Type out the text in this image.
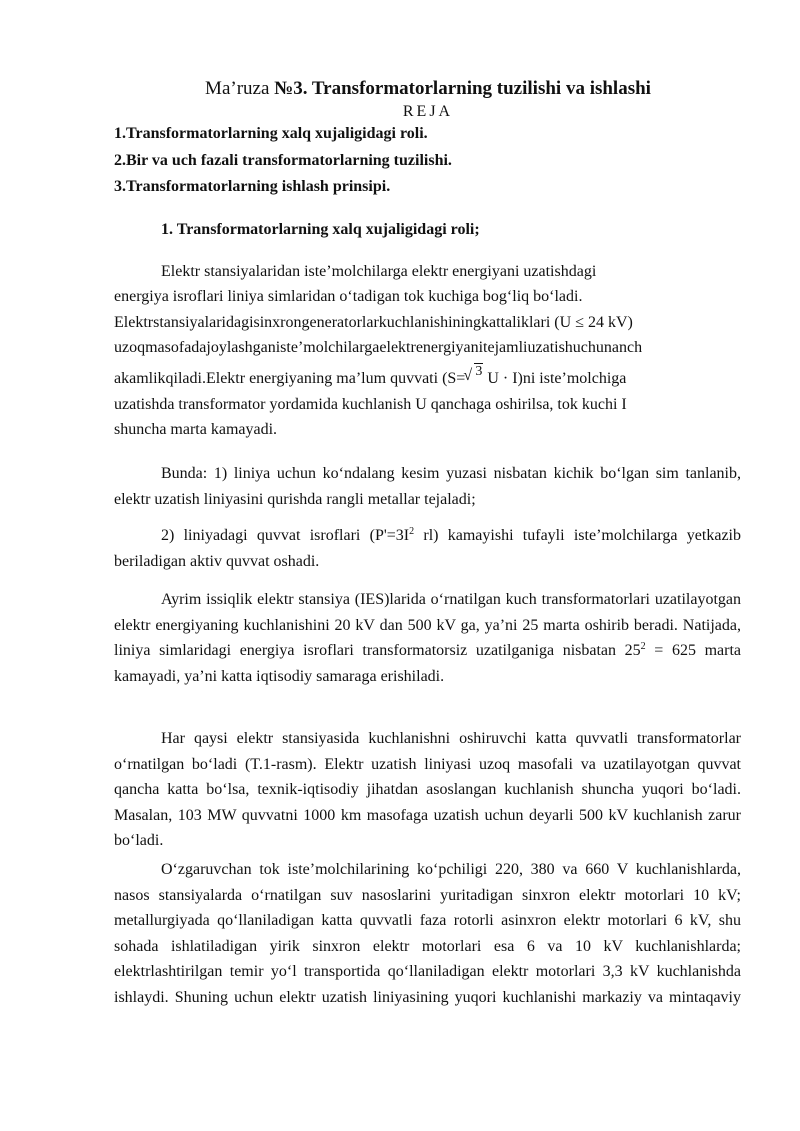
Ma’ruza №3. Transformatorlarning tuzilishi va ishlashi
REJA
1.Transformatorlarning xalq xujaligidagi roli.
2.Bir va uch fazali transformatorlarning tuzilishi.
3.Transformatorlarning ishlash prinsipi.
1. Transformatorlarning xalq xujaligidagi roli;
Elektr stansiyalaridan iste’molchilarga elektr energiyani uzatishdagi
energiya isroflari liniya simlaridan o‘tadigan tok kuchiga bog‘liq bo‘ladi.
Elektrstansiyalaridagisinxrongeneratorlarkuchlanishiningkattaliklari (U ≤ 24 kV)
uzoqmasofadajoylashganiste’molchilargaelektrenergiyanitejamliuzatishuchunanch
akamlikqiladi.Elektr energiyaning ma’lum quvvati (S=√ 3 U · I)ni iste’molchiga
uzatishda transformator yordamida kuchlanish U qanchaga oshirilsa, tok kuchi I
shuncha marta kamayadi.
Bunda: 1) liniya uchun ko‘ndalang kesim yuzasi nisbatan kichik bo‘lgan sim tanlanib, elektr uzatish liniyasini qurishda rangli metallar tejaladi;
2) liniyadagi quvvat isroflari ($P'=3I^2$ rl) kamayishi tufayli iste’molchilarga yetkazib beriladigan aktiv quvvat oshadi.
Ayrim issiqlik elektr stansiya (IES)larida o‘rnatilgan kuch transformatorlari uzatilayotgan elektr energiyaning kuchlanishini 20 kV dan 500 kV ga, ya’ni 25 marta oshirib beradi. Natijada, liniya simlaridagi energiya isroflari transformatorsiz uzatilganiga nisbatan $25^2 = 625$ marta kamayadi, ya’ni katta iqtisodiy samaraga erishiladi.
Har qaysi elektr stansiyasida kuchlanishni oshiruvchi katta quvvatli transformatorlar o‘rnatilgan bo‘ladi (T.1-rasm). Elektr uzatish liniyasi uzoq masofali va uzatilayotgan quvvat qancha katta bo‘lsa, texnik-iqtisodiy jihatdan asoslangan kuchlanish shuncha yuqori bo‘ladi. Masalan, 103 MW quvvatni 1000 km masofaga uzatish uchun deyarli 500 kV kuchlanish zarur bo‘ladi.
O‘zgaruvchan tok iste’molchilarining ko‘pchiligi 220, 380 va 660 V kuchlanishlarda, nasos stansiyalarda o‘rnatilgan suv nasoslarini yuritadigan sinxron elektr motorlari 10 kV; metallurgiyada qo‘llaniladigan katta quvvatli faza rotorli asinxron elektr motorlari 6 kV, shu sohada ishlatiladigan yirik sinxron elektr motorlari esa 6 va 10 kV kuchlanishlarda; elektrlashtirilgan temir yo‘l transportida qo‘llaniladigan elektr motorlari 3,3 kV kuchlanishda ishlaydi. Shuning uchun elektr uzatish liniyasining yuqori kuchlanishi markaziy va mintaqaviy
